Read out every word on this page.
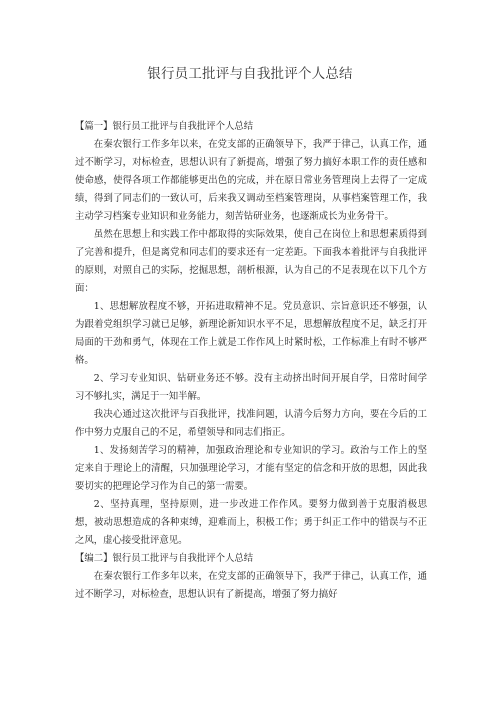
银行员工批评与自我批评个人总结

【篇一】银行员工批评与自我批评个人总结

在秦农银行工作多年以来，在党支部的正确领导下，我严于律己，认真工作，通过不断学习，对标检查，思想认识有了新提高，增强了努力搞好本职工作的责任感和使命感，使得各项工作都能够更出色的完成，并在原日常业务管理岗上去得了一定成绩，得到了同志们的一致认可，后来我又调动至档案管理岗，从事档案管理工作，我主动学习档案专业知识和业务能力，刻苦钻研业务，也逐渐成长为业务骨干。

虽然在思想上和实践工作中都取得的实际效果，使自己在岗位上和思想素质得到了完善和提升，但是离党和同志们的要求还有一定差距。下面我本着批评与自我批评的原则，对照自己的实际，挖掘思想，剖析根源，认为自己的不足表现在以下几个方面：

1、思想解放程度不够，开拓进取精神不足。党员意识、宗旨意识还不够强，认为跟着党组织学习就已足够，新理论新知识水平不足，思想解放程度不足，缺乏打开局面的干劲和勇气，体现在工作上就是工作作风上时紧时松，工作标准上有时不够严格。

2、学习专业知识、钻研业务还不够。没有主动挤出时间开展自学，日常时间学习不够扎实，满足于一知半解。

我决心通过这次批评与百我批评，找准问题，认清今后努力方向，要在今后的工作中努力克服自己的不足，希望领导和同志们指正。

1、发扬刻苦学习的精神，加强政治理论和专业知识的学习。政治与工作上的坚定来自于理论上的清醒，只加强理论学习，才能有坚定的信念和开放的思想，因此我要切实的把理论学习作为自己的第一需要。

2、坚持真理，坚持原则，进一步改进工作作风。要努力做到善于克服消极思想，被动思想造成的各种束缚，迎难而上，积极工作；勇于纠正工作中的错误与不正之风，虚心接受批评意见。

【编二】银行员工批评与自我批评个人总结

在秦农银行工作多年以来，在党支部的正确领导下，我严于律己，认真工作，通过不断学习，对标检查，思想认识有了新提高，增强了努力搞好
